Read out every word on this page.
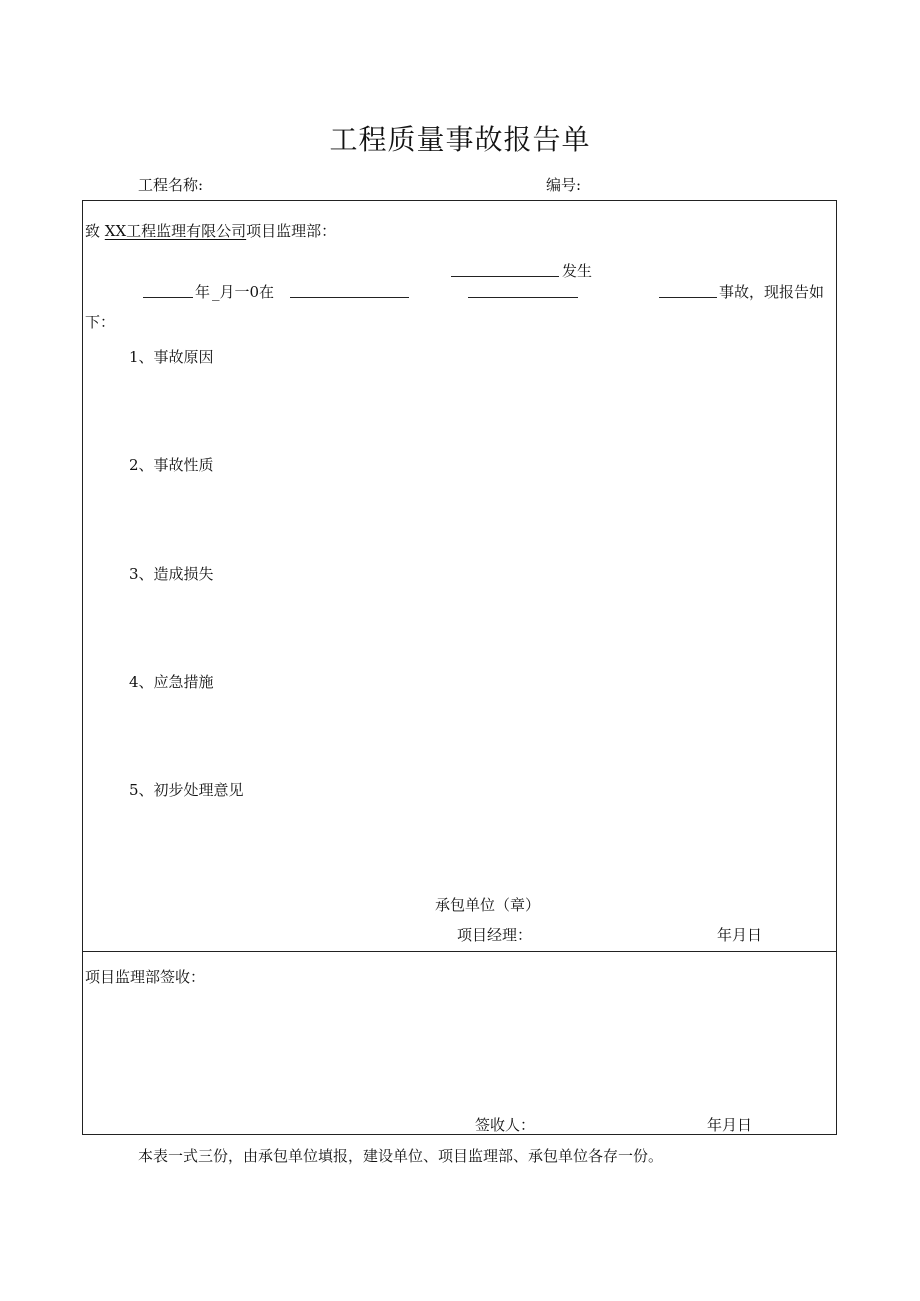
工程质量事故报告单
工程名称:	编号:
致 XX工程监理有限公司项目监理部：
发生
年 _月一0在	事故，现报告如
下：
1、事故原因
2、事故性质
3、造成损失
4、应急措施
5、初步处理意见
承包单位（章）
项目经理：	年月日
项目监理部签收：
签收人：	年月日
本表一式三份，由承包单位填报，建设单位、项目监理部、承包单位各存一份。
